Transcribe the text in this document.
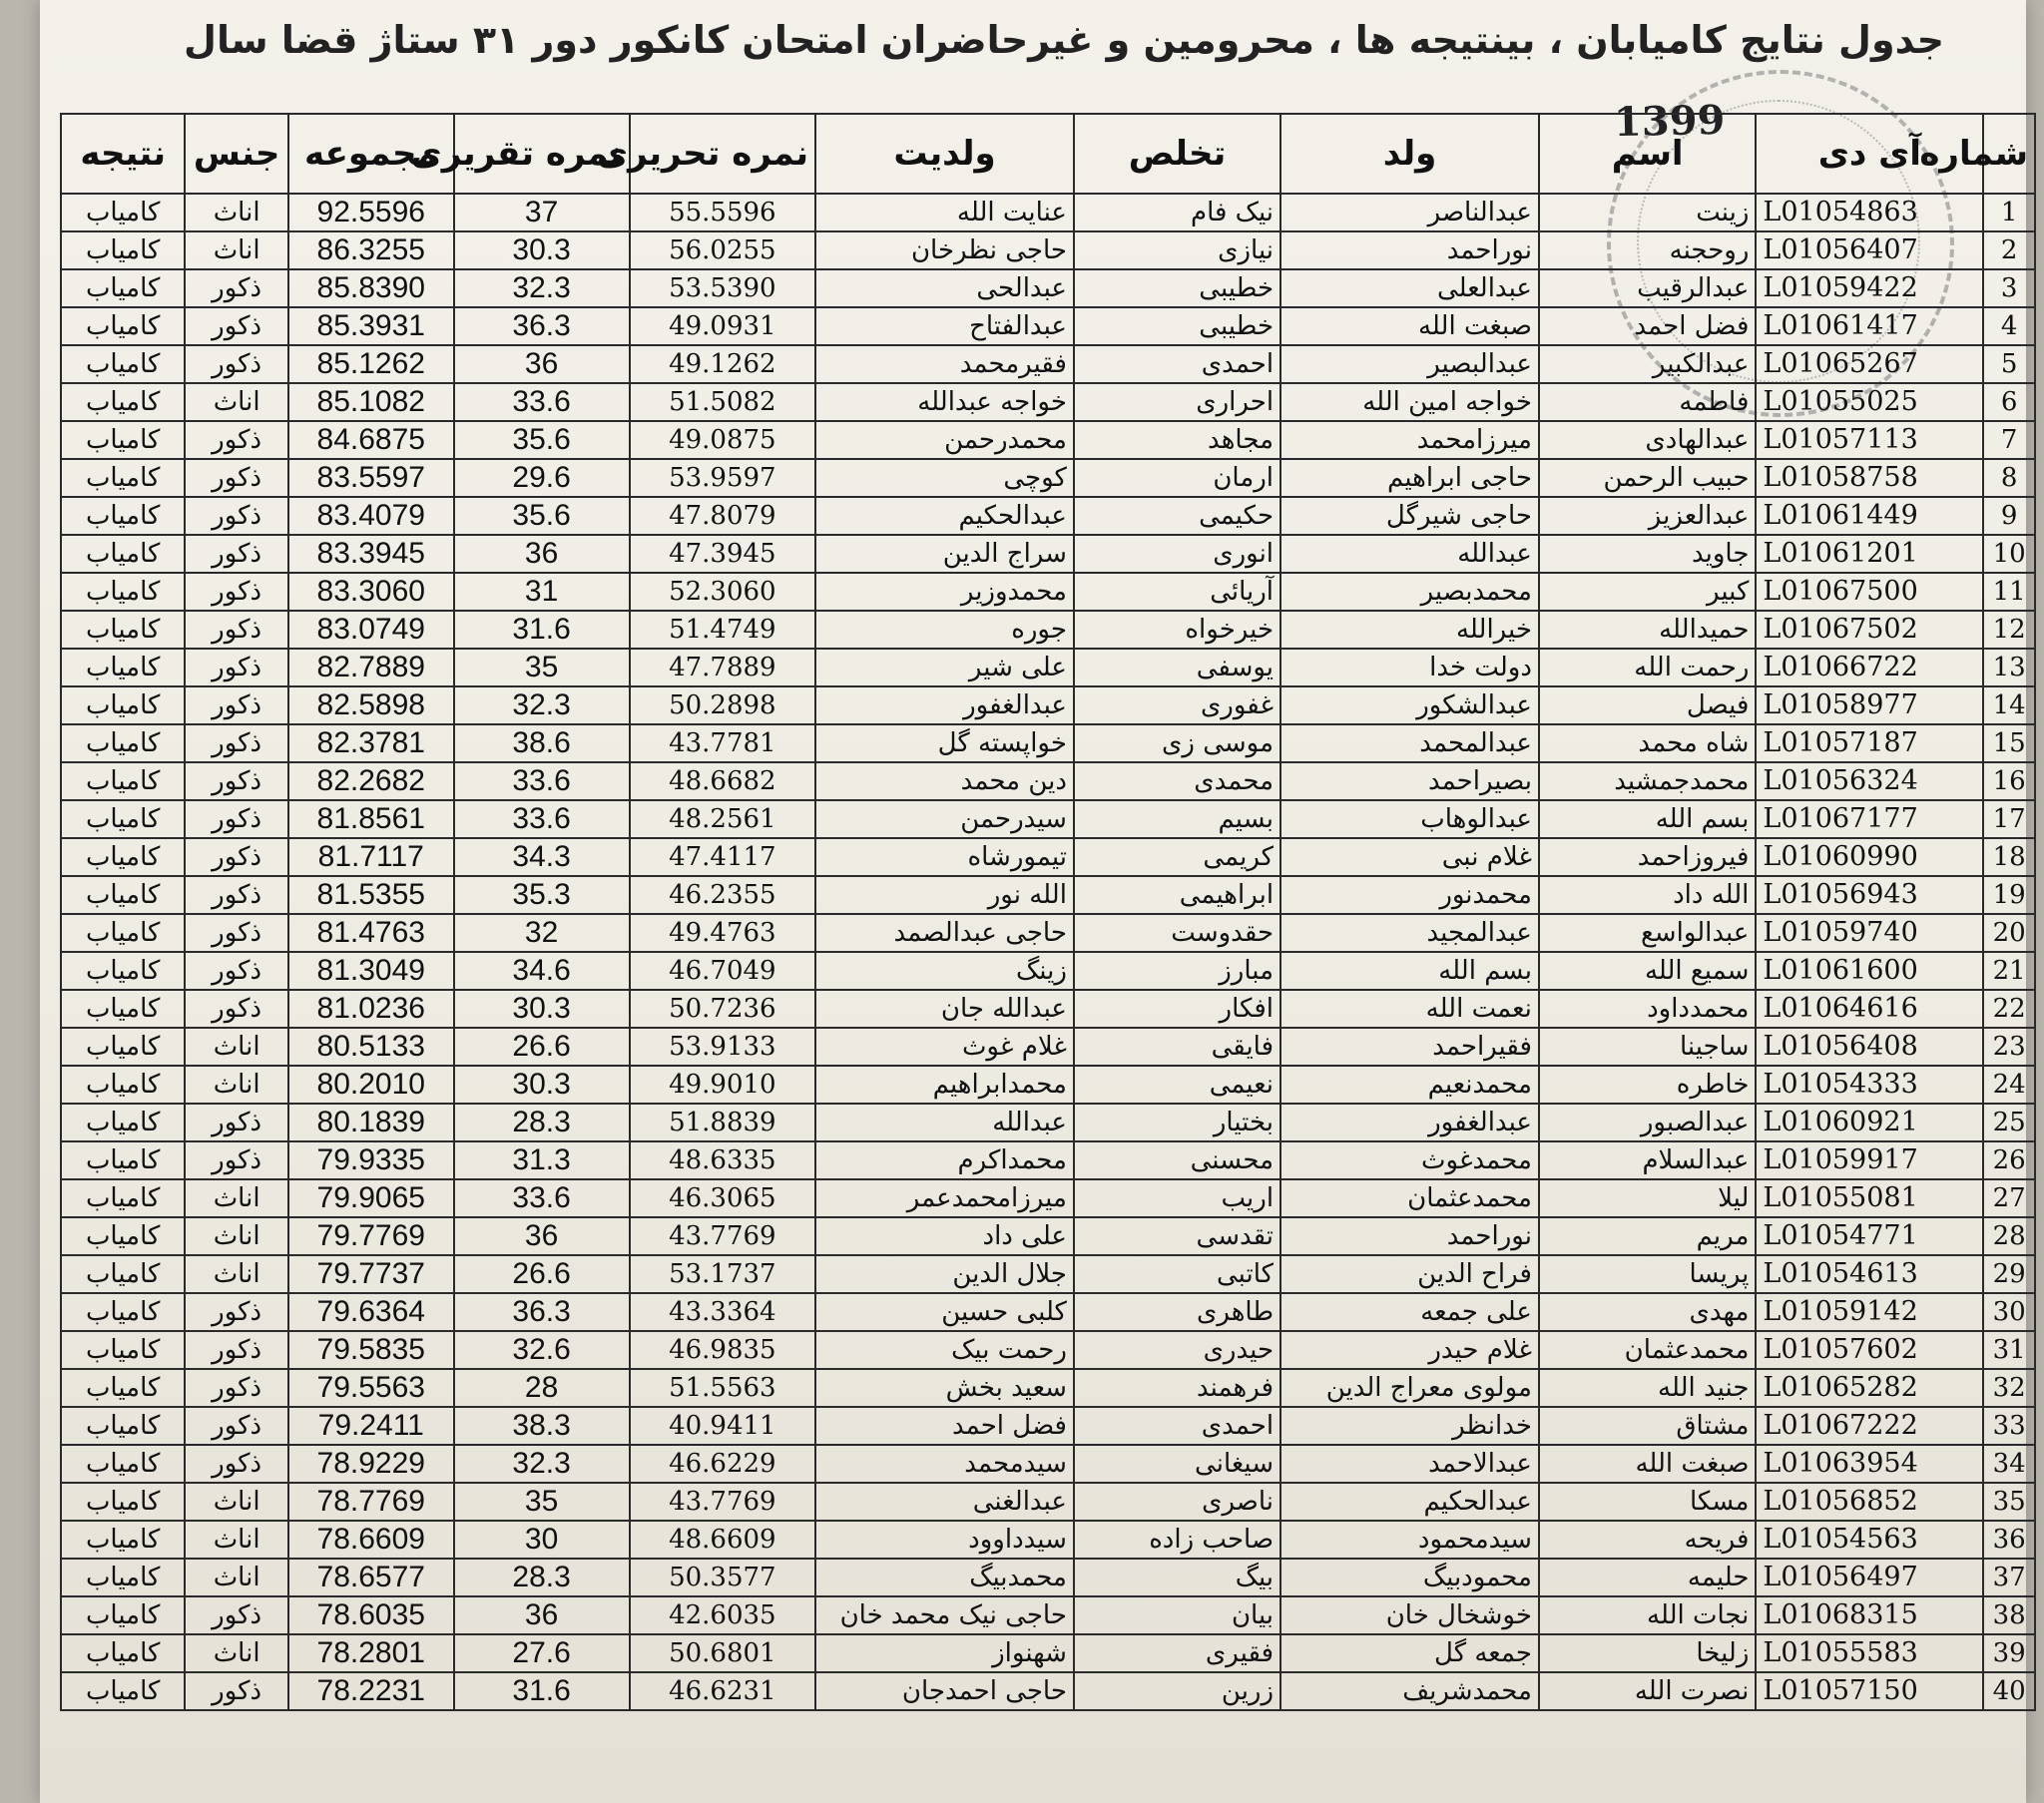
جدول نتایج کامیابان ، بینتیجه ها ، محرومین و غیرحاضران امتحان کانکور دور ۳۱ ستاژ قضا سال
1399
شماره	آی دی	اسم	ولد	تخلص	ولدیت	نمره تحریری	نمره تقریری	مجموعه	جنس	نتیجه
1	L01054863	زینت	عبدالناصر	نیک فام	عنایت الله	55.5596	37	92.5596	اناث	کامیاب
2	L01056407	روحجنه	نوراحمد	نیازی	حاجی نظرخان	56.0255	30.3	86.3255	اناث	کامیاب
3	L01059422	عبدالرقیب	عبدالعلی	خطیبی	عبدالحی	53.5390	32.3	85.8390	ذکور	کامیاب
4	L01061417	فضل احمد	صبغت الله	خطیبی	عبدالفتاح	49.0931	36.3	85.3931	ذکور	کامیاب
5	L01065267	عبدالکبیر	عبدالبصیر	احمدی	فقیرمحمد	49.1262	36	85.1262	ذکور	کامیاب
6	L01055025	فاطمه	خواجه امین الله	احراری	خواجه عبدالله	51.5082	33.6	85.1082	اناث	کامیاب
7	L01057113	عبدالهادی	میرزامحمد	مجاهد	محمدرحمن	49.0875	35.6	84.6875	ذکور	کامیاب
8	L01058758	حبیب الرحمن	حاجی ابراهیم	ارمان	کوچی	53.9597	29.6	83.5597	ذکور	کامیاب
9	L01061449	عبدالعزیز	حاجی شیرگل	حکیمی	عبدالحکیم	47.8079	35.6	83.4079	ذکور	کامیاب
10	L01061201	جاوید	عبدالله	انوری	سراج الدین	47.3945	36	83.3945	ذکور	کامیاب
11	L01067500	کبیر	محمدبصیر	آریائی	محمدوزیر	52.3060	31	83.3060	ذکور	کامیاب
12	L01067502	حمیدالله	خیرالله	خیرخواه	جوره	51.4749	31.6	83.0749	ذکور	کامیاب
13	L01066722	رحمت الله	دولت خدا	یوسفی	علی شیر	47.7889	35	82.7889	ذکور	کامیاب
14	L01058977	فیصل	عبدالشکور	غفوری	عبدالغفور	50.2898	32.3	82.5898	ذکور	کامیاب
15	L01057187	شاه محمد	عبدالمحمد	موسی زی	خواپسته گل	43.7781	38.6	82.3781	ذکور	کامیاب
16	L01056324	محمدجمشید	بصیراحمد	محمدی	دین محمد	48.6682	33.6	82.2682	ذکور	کامیاب
17	L01067177	بسم الله	عبدالوهاب	بسیم	سیدرحمن	48.2561	33.6	81.8561	ذکور	کامیاب
18	L01060990	فیروزاحمد	غلام نبی	کریمی	تیمورشاه	47.4117	34.3	81.7117	ذکور	کامیاب
19	L01056943	الله داد	محمدنور	ابراهیمی	الله نور	46.2355	35.3	81.5355	ذکور	کامیاب
20	L01059740	عبدالواسع	عبدالمجید	حقدوست	حاجی عبدالصمد	49.4763	32	81.4763	ذکور	کامیاب
21	L01061600	سمیع الله	بسم الله	مبارز	زینگ	46.7049	34.6	81.3049	ذکور	کامیاب
22	L01064616	محمدداود	نعمت الله	افکار	عبدالله جان	50.7236	30.3	81.0236	ذکور	کامیاب
23	L01056408	ساجینا	فقیراحمد	فایقی	غلام غوث	53.9133	26.6	80.5133	اناث	کامیاب
24	L01054333	خاطره	محمدنعیم	نعیمی	محمدابراهیم	49.9010	30.3	80.2010	اناث	کامیاب
25	L01060921	عبدالصبور	عبدالغفور	بختیار	عبدالله	51.8839	28.3	80.1839	ذکور	کامیاب
26	L01059917	عبدالسلام	محمدغوث	محسنی	محمداکرم	48.6335	31.3	79.9335	ذکور	کامیاب
27	L01055081	لیلا	محمدعثمان	اریب	میرزامحمدعمر	46.3065	33.6	79.9065	اناث	کامیاب
28	L01054771	مریم	نوراحمد	تقدسی	علی داد	43.7769	36	79.7769	اناث	کامیاب
29	L01054613	پریسا	فراح الدین	کاتبی	جلال الدین	53.1737	26.6	79.7737	اناث	کامیاب
30	L01059142	مهدی	علی جمعه	طاهری	کلبی حسین	43.3364	36.3	79.6364	ذکور	کامیاب
31	L01057602	محمدعثمان	غلام حیدر	حیدری	رحمت بیک	46.9835	32.6	79.5835	ذکور	کامیاب
32	L01065282	جنید الله	مولوی معراج الدین	فرهمند	سعید بخش	51.5563	28	79.5563	ذکور	کامیاب
33	L01067222	مشتاق	خدانظر	احمدی	فضل احمد	40.9411	38.3	79.2411	ذکور	کامیاب
34	L01063954	صبغت الله	عبدالاحمد	سیغانی	سیدمحمد	46.6229	32.3	78.9229	ذکور	کامیاب
35	L01056852	مسکا	عبدالحکیم	ناصری	عبدالغنی	43.7769	35	78.7769	اناث	کامیاب
36	L01054563	فریحه	سیدمحمود	صاحب زاده	سیدداوود	48.6609	30	78.6609	اناث	کامیاب
37	L01056497	حلیمه	محمودبیگ	بیگ	محمدبیگ	50.3577	28.3	78.6577	اناث	کامیاب
38	L01068315	نجات الله	خوشخال خان	بیان	حاجی نیک محمد خان	42.6035	36	78.6035	ذکور	کامیاب
39	L01055583	زلیخا	جمعه گل	فقیری	شهنواز	50.6801	27.6	78.2801	اناث	کامیاب
40	L01057150	نصرت الله	محمدشریف	زرین	حاجی احمدجان	46.6231	31.6	78.2231	ذکور	کامیاب
